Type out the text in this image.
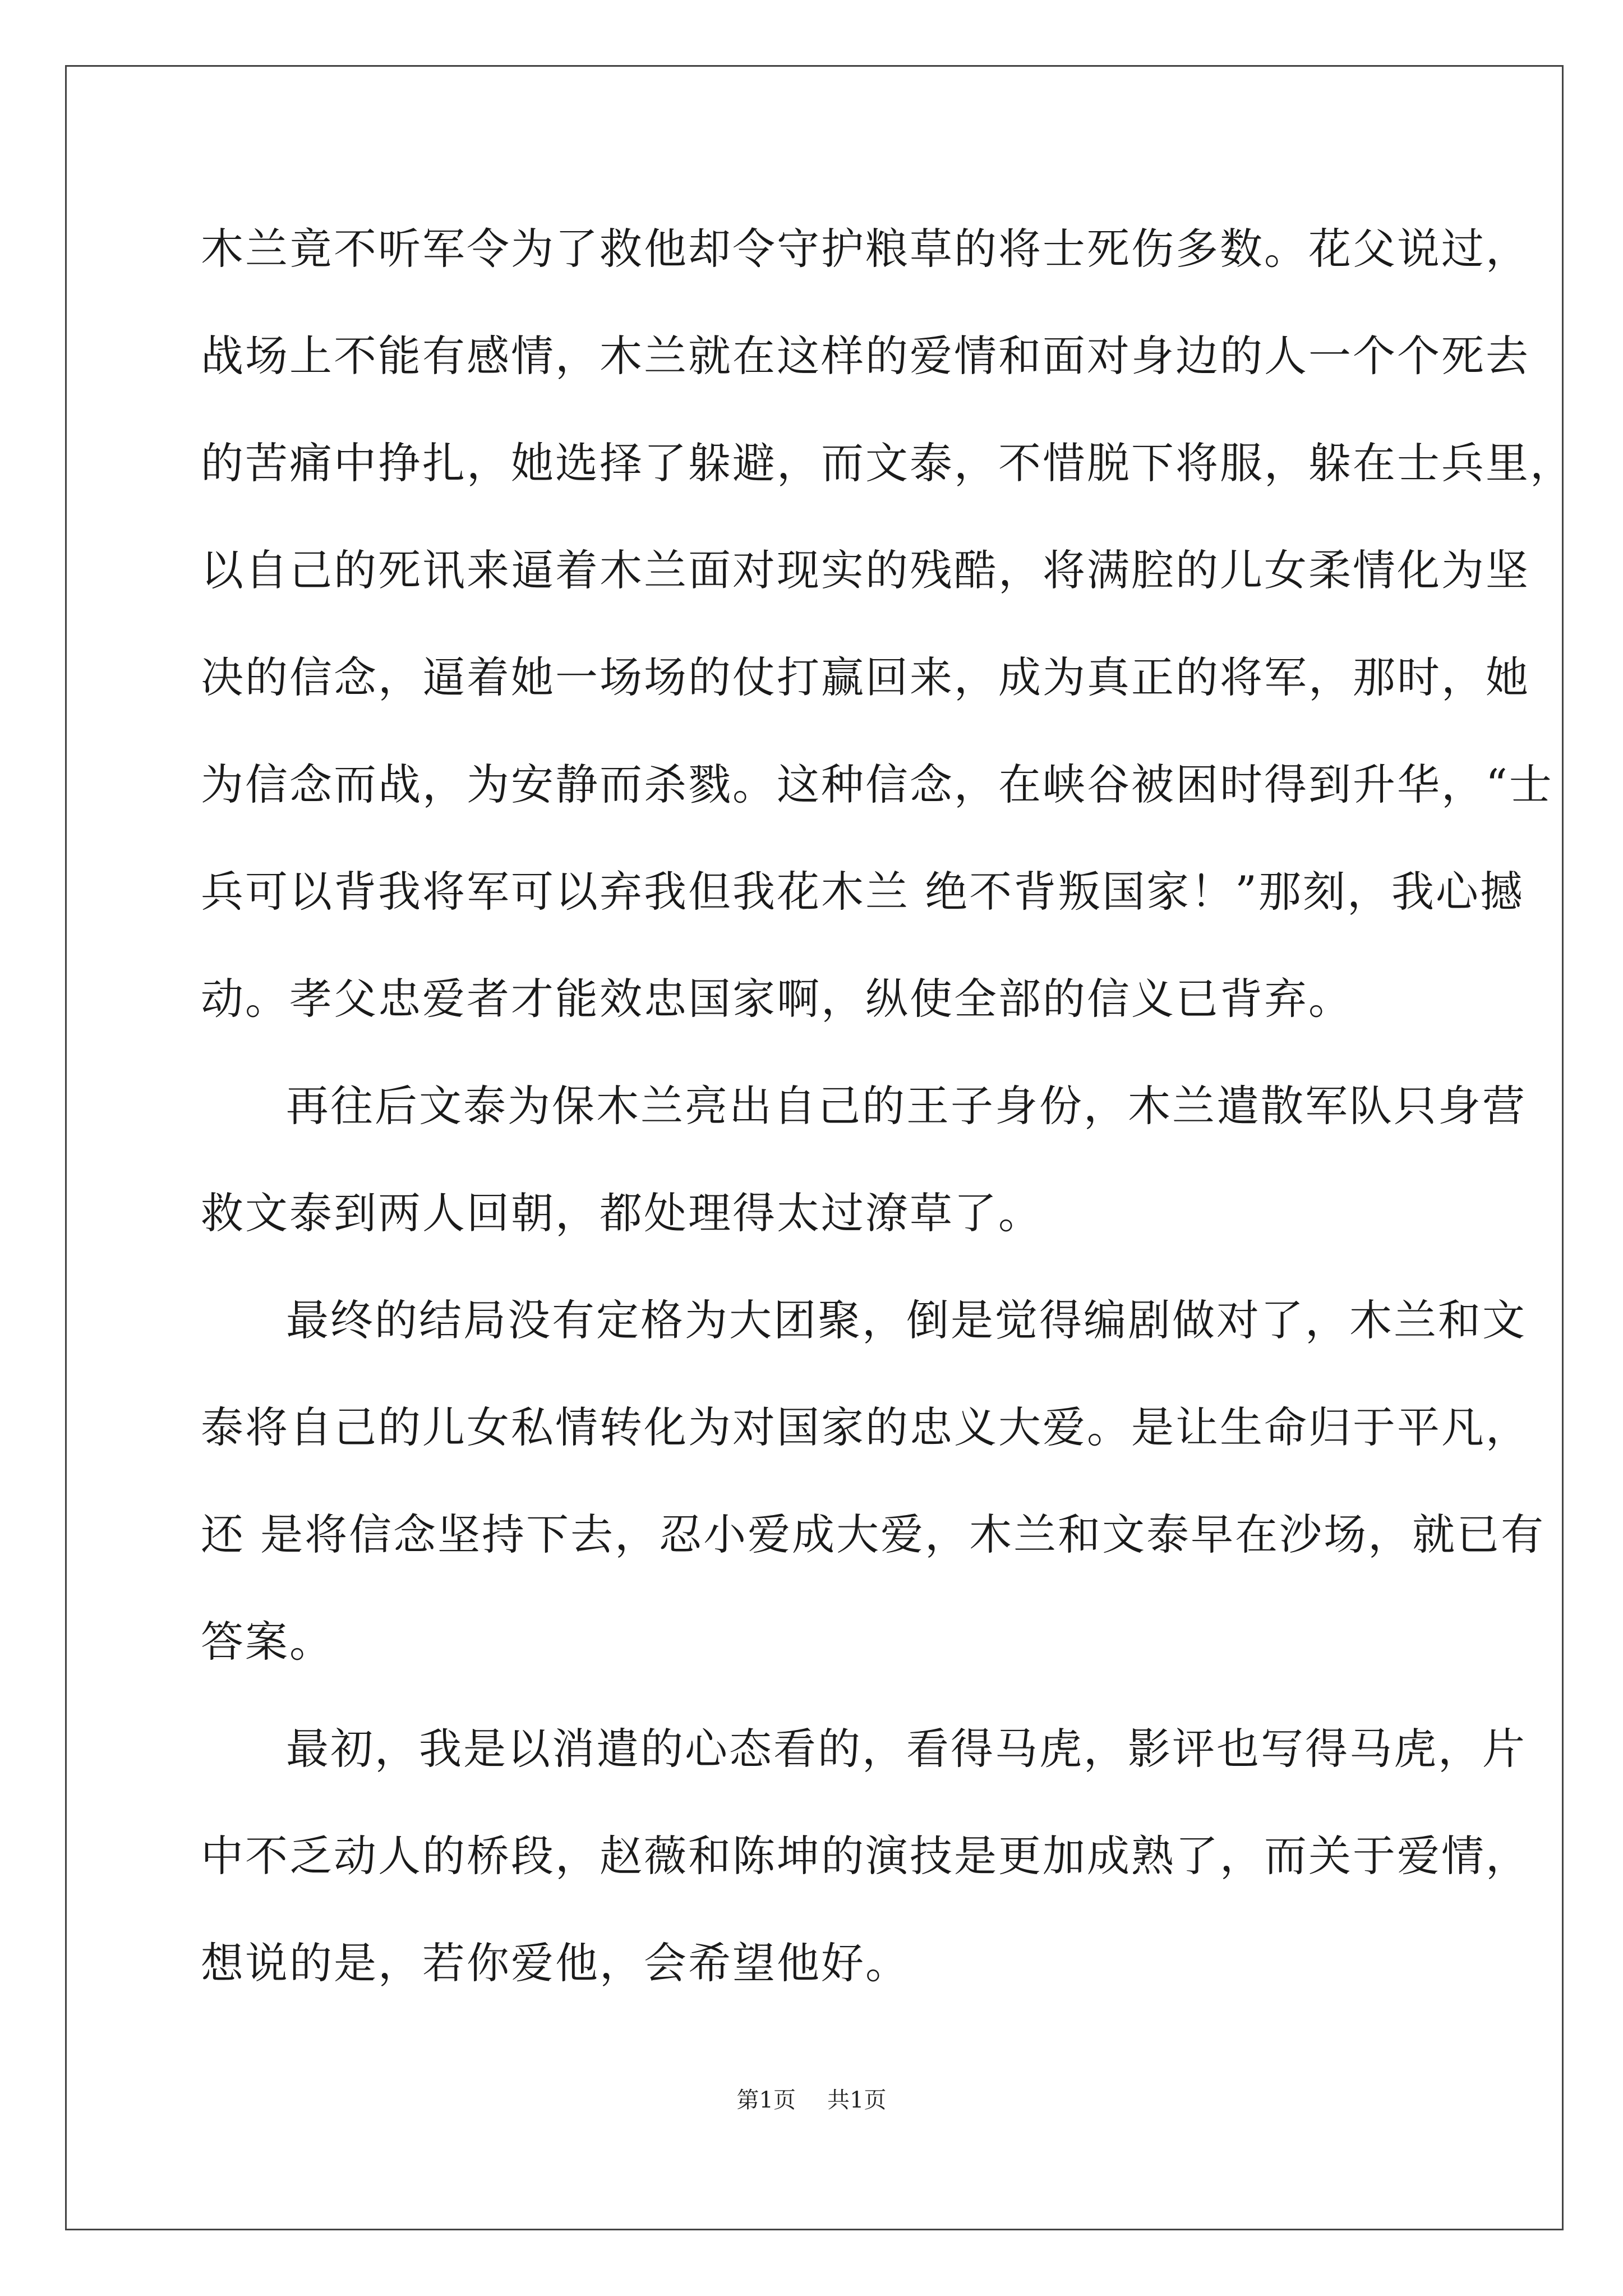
木兰竟不听军令为了救他却令守护粮草的将士死伤多数。花父说过，
战场上不能有感情，木兰就在这样的爱情和面对身边的人一个个死去
的苦痛中挣扎，她选择了躲避，而文泰，不惜脱下将服，躲在士兵里，
以自己的死讯来逼着木兰面对现实的残酷，将满腔的儿女柔情化为坚
决的信念，逼着她一场场的仗打赢回来，成为真正的将军，那时，她
为信念而战，为安静而杀戮。这种信念，在峡谷被困时得到升华，“士
兵可以背我将军可以弃我但我花木兰 绝不背叛国家！”那刻，我心撼
动。孝父忠爱者才能效忠国家啊，纵使全部的信义已背弃。
再往后文泰为保木兰亮出自己的王子身份，木兰遣散军队只身营
救文泰到两人回朝，都处理得太过潦草了。
最终的结局没有定格为大团聚，倒是觉得编剧做对了，木兰和文
泰将自己的儿女私情转化为对国家的忠义大爱。是让生命归于平凡，
还 是将信念坚持下去，忍小爱成大爱，木兰和文泰早在沙场，就已有
答案。
最初，我是以消遣的心态看的，看得马虎，影评也写得马虎，片
中不乏动人的桥段，赵薇和陈坤的演技是更加成熟了，而关于爱情，
想说的是，若你爱他，会希望他好。
第1页 共1页
